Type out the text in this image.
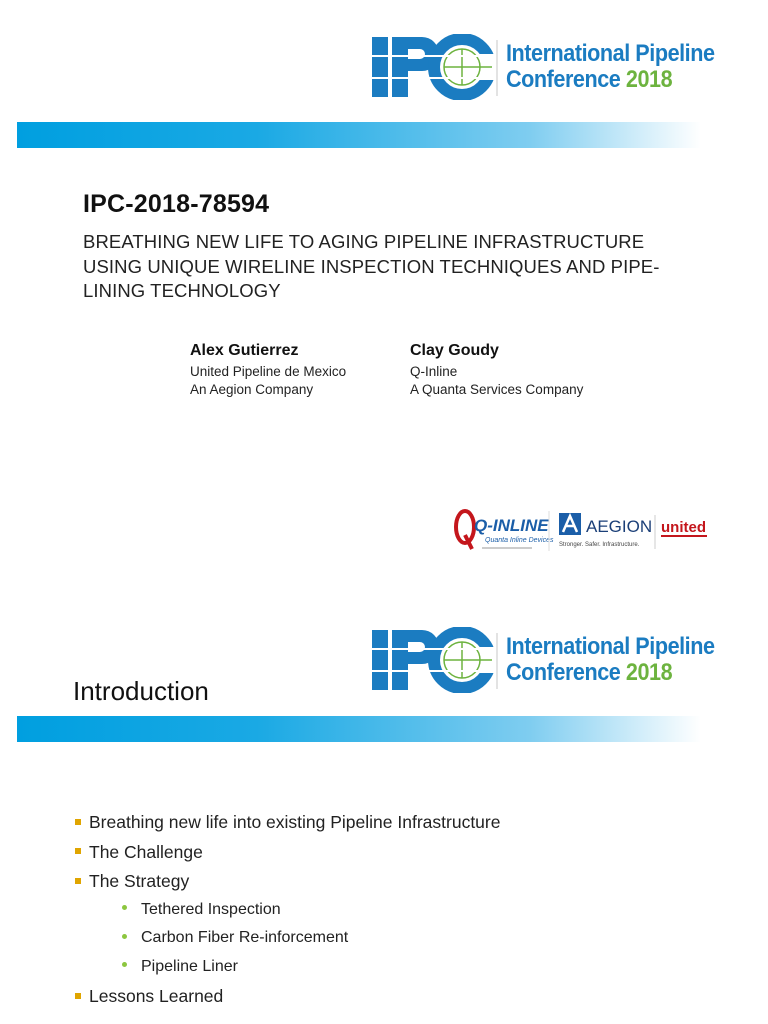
International Pipeline
Conference 2018
IPC-2018-78594
BREATHING NEW LIFE TO AGING PIPELINE INFRASTRUCTURE
USING UNIQUE WIRELINE INSPECTION TECHNIQUES AND PIPE-
LINING TECHNOLOGY
Alex Gutierrez
United Pipeline de Mexico
An Aegion Company
Clay Goudy
Q-Inline
A Quanta Services Company
Q-INLINE
Quanta Inline Devices
AEGION
Stronger. Safer. Infrastructure.
united
International Pipeline
Conference 2018
Introduction
Breathing new life into existing Pipeline Infrastructure
The Challenge
The Strategy
Tethered Inspection
Carbon Fiber Re-inforcement
Pipeline Liner
Lessons Learned
